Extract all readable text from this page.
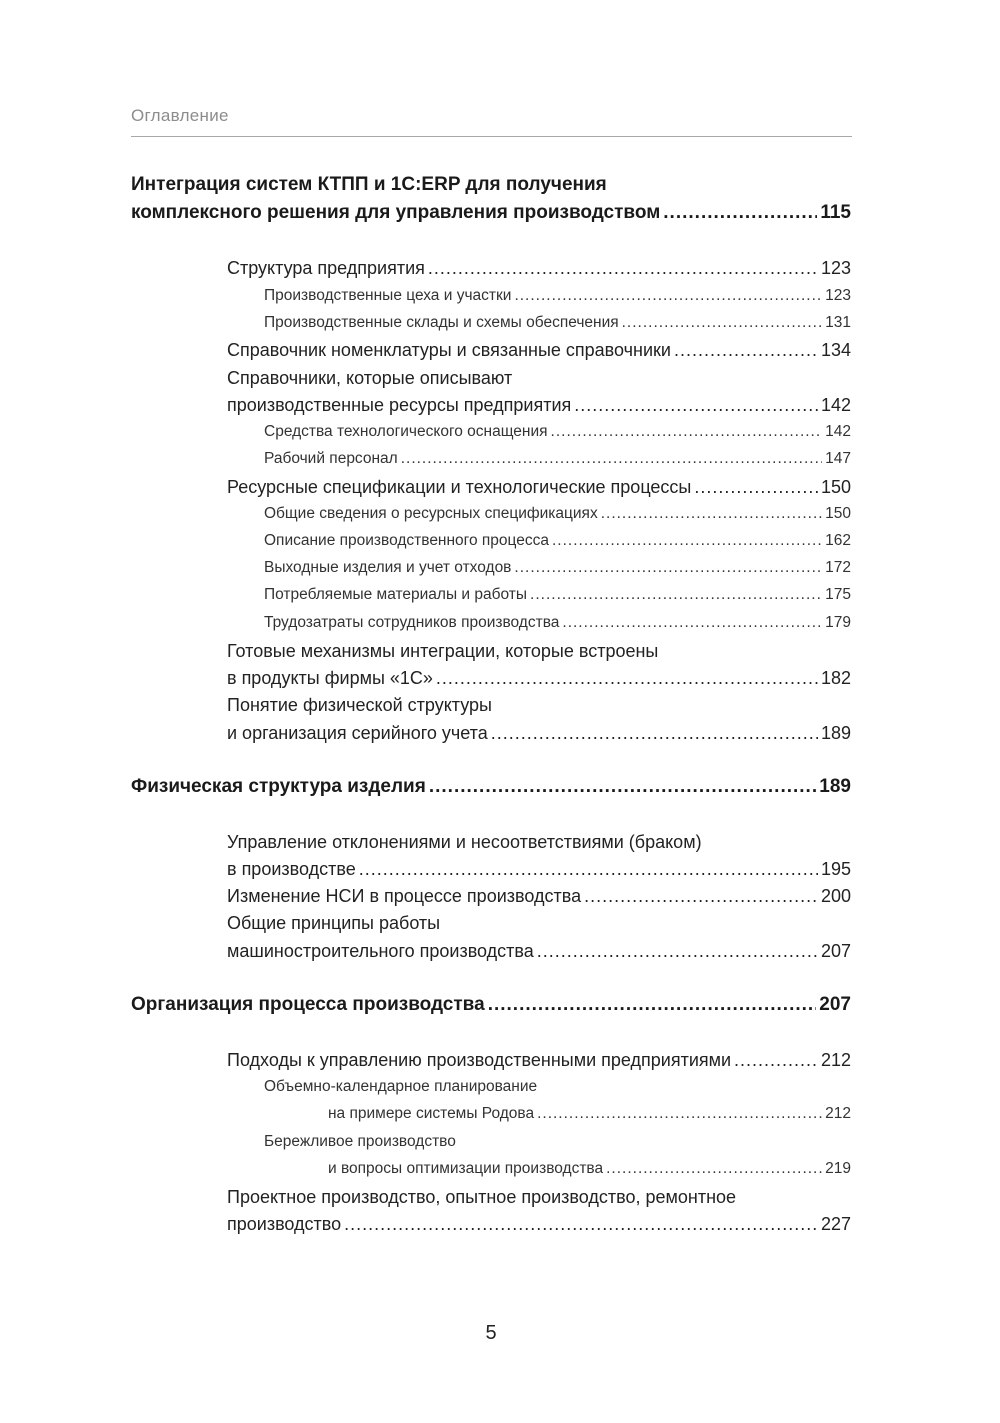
Оглавление
Интеграция систем КТПП и 1С:ERP для получения
комплексного решения для управления производством .....	115
Структура предприятия .....	123
Производственные цеха и участки .....	123
Производственные склады и схемы обеспечения .....	131
Справочник номенклатуры и связанные справочники .....	134
Справочники, которые описывают
производственные ресурсы предприятия .....	142
Средства технологического оснащения .....	142
Рабочий персонал .....	147
Ресурсные спецификации и технологические процессы .....	150
Общие сведения о ресурсных спецификациях .....	150
Описание производственного процесса .....	162
Выходные изделия и учет отходов .....	172
Потребляемые материалы и работы .....	175
Трудозатраты сотрудников производства .....	179
Готовые механизмы интеграции, которые встроены
в продукты фирмы «1С» .....	182
Понятие физической структуры
и организация серийного учета .....	189
Физическая структура изделия .....	189
Управление отклонениями и несоответствиями (браком)
в производстве .....	195
Изменение НСИ в процессе производства .....	200
Общие принципы работы
машиностроительного производства .....	207
Организация процесса производства .....	207
Подходы к управлению производственными предприятиями .....	212
Объемно-календарное планирование
на примере системы Родова .....	212
Бережливое производство
и вопросы оптимизации производства .....	219
Проектное производство, опытное производство, ремонтное
производство .....	227
5
